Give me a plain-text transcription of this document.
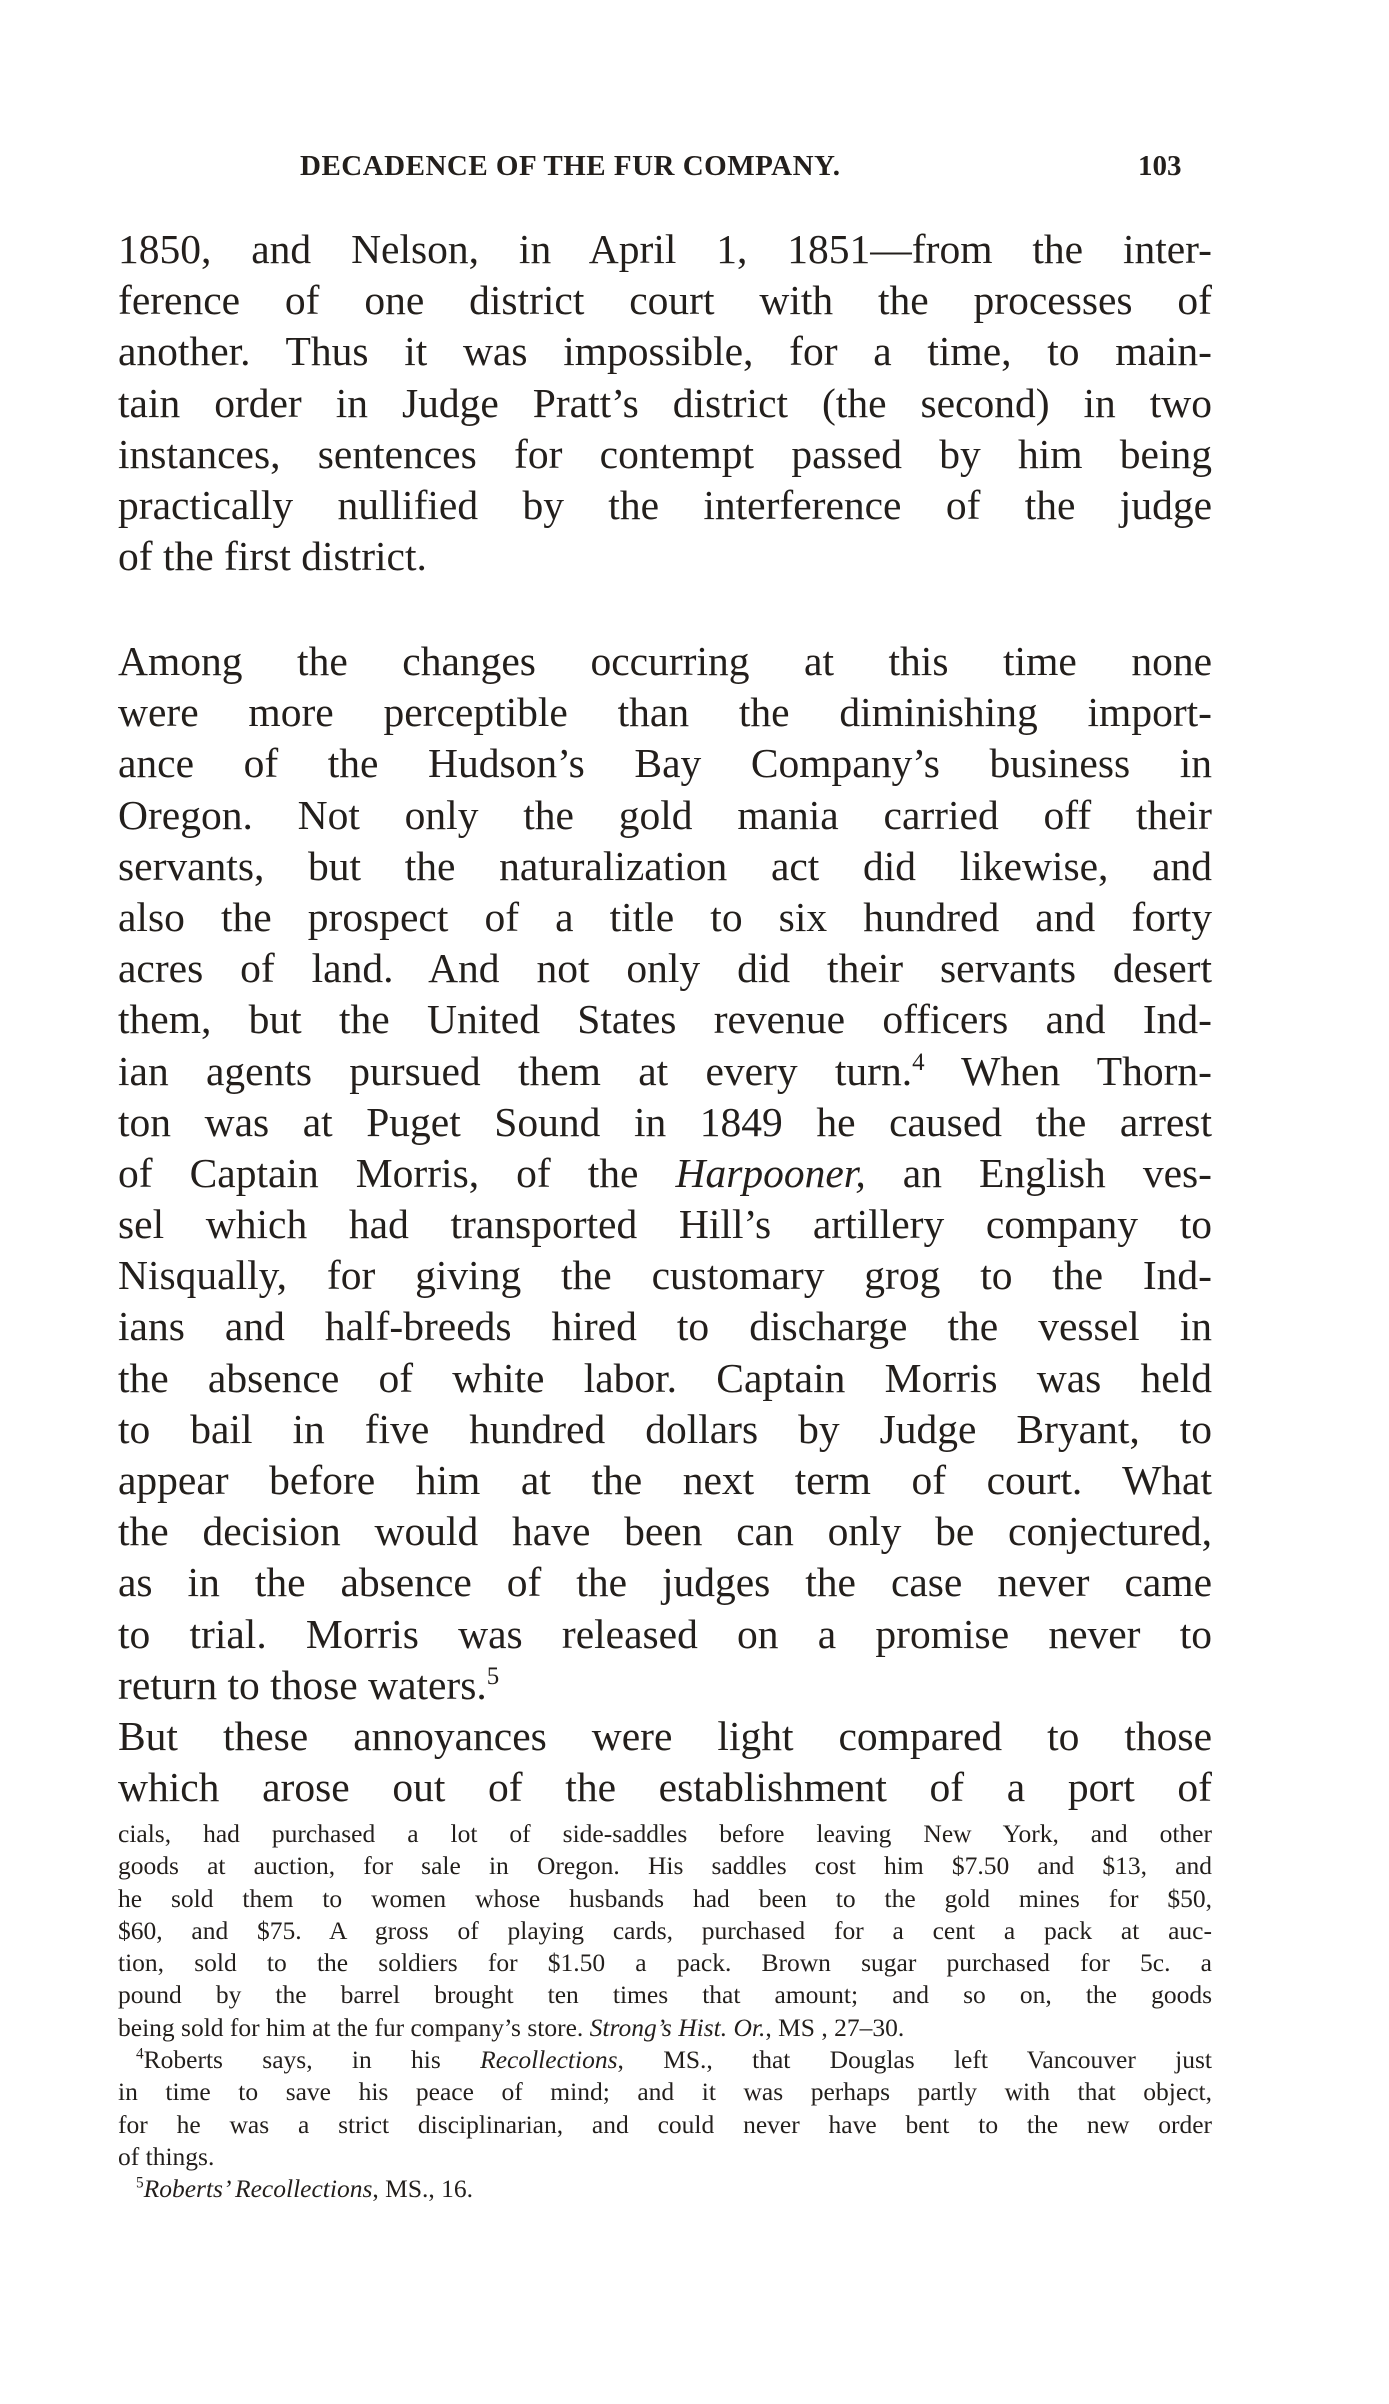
DECADENCE OF THE FUR COMPANY.	103
1850, and Nelson, in April 1, 1851—from the inter-
ference of one district court with the processes of
another. Thus it was impossible, for a time, to main-
tain order in Judge Pratt’s district (the second) in two
instances, sentences for contempt passed by him being
practically nullified by the interference of the judge
of the first district.
Among the changes occurring at this time none
were more perceptible than the diminishing import-
ance of the Hudson’s Bay Company’s business in
Oregon. Not only the gold mania carried off their
servants, but the naturalization act did likewise, and
also the prospect of a title to six hundred and forty
acres of land. And not only did their servants desert
them, but the United States revenue officers and Ind-
ian agents pursued them at every turn.$^4$ When Thorn-
ton was at Puget Sound in 1849 he caused the arrest
of Captain Morris, of the Harpooner, an English ves-
sel which had transported Hill’s artillery company to
Nisqually, for giving the customary grog to the Ind-
ians and half-breeds hired to discharge the vessel in
the absence of white labor. Captain Morris was held
to bail in five hundred dollars by Judge Bryant, to
appear before him at the next term of court. What
the decision would have been can only be conjectured,
as in the absence of the judges the case never came
to trial. Morris was released on a promise never to
return to those waters.$^5$
But these annoyances were light compared to those
which arose out of the establishment of a port of
cials, had purchased a lot of side-saddles before leaving New York, and other
goods at auction, for sale in Oregon. His saddles cost him $7.50 and $13, and
he sold them to women whose husbands had been to the gold mines for $50,
$60, and $75. A gross of playing cards, purchased for a cent a pack at auc-
tion, sold to the soldiers for $1.50 a pack. Brown sugar purchased for 5c. a
pound by the barrel brought ten times that amount; and so on, the goods
being sold for him at the fur company’s store. Strong’s Hist. Or., MS , 27–30.
$^4$Roberts says, in his Recollections, MS., that Douglas left Vancouver just
in time to save his peace of mind; and it was perhaps partly with that object,
for he was a strict disciplinarian, and could never have bent to the new order
of things.
$^5$Roberts’ Recollections, MS., 16.
